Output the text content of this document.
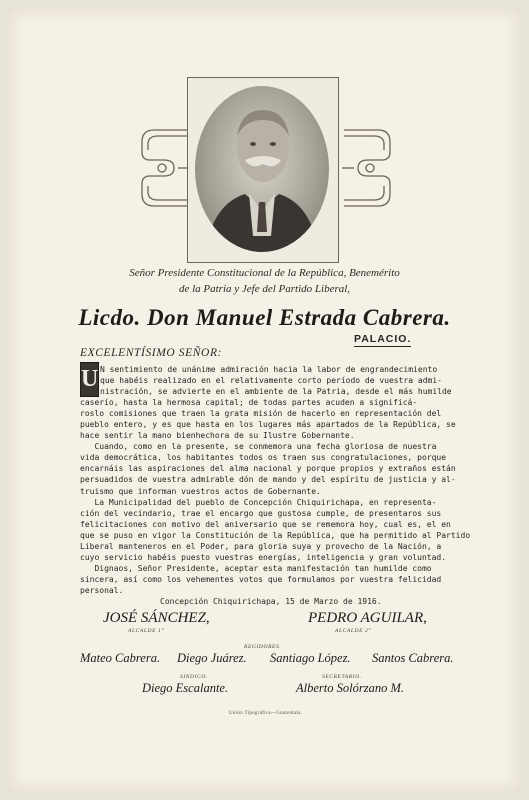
Señor Presidente Constitucional de la República, Benemérito
de la Patria y Jefe del Partido Liberal,
Licdo. Don Manuel Estrada Cabrera.
PALACIO.
EXCELENTÍSIMO SEÑOR:
U N sentimiento de unánime admiración hacia la labor de engrandecimiento
que habéis realizado en el relativamente corto período de vuestra admi-
nistración, se advierte en el ambiente de la Patria, desde el más humilde
caserío, hasta la hermosa capital; de todas partes acuden a significá-
roslo comisiones que traen la grata misión de hacerlo en representación del
pueblo entero, y es que hasta en los lugares más apartados de la República, se
hace sentir la mano bienhechora de su Ilustre Gobernante.
Cuando, como en la presente, se conmemora una fecha gloriosa de nuestra
vida democrática, los habitantes todos os traen sus congratulaciones, porque
encarnáis las aspiraciones del alma nacional y porque propios y extraños están
persuadidos de vuestra admirable dón de mando y del espíritu de justicia y al-
truismo que informan vuestros actos de Gobernante.
La Municipalidad del pueblo de Concepción Chiquirichapa, en representa-
ción del vecindario, trae el encargo que gustosa cumple, de presentaros sus
felicitaciones con motivo del aniversario que se rememora hoy, cual es, el en
que se puso en vigor la Constitución de la República, que ha permitido al Partido
Liberal manteneros en el Poder, para gloria suya y provecho de la Nación, a
cuyo servicio habéis puesto vuestras energías, inteligencia y gran voluntad.
Dignaos, Señor Presidente, aceptar esta manifestación tan humilde como
sincera, así como los vehementes votos que formulamos por vuestra felicidad
personal.
Concepción Chiquirichapa, 15 de Marzo de 1916.
JOSÉ SÁNCHEZ,
ALCALDE 1°
PEDRO AGUILAR,
ALCALDE 2°
REGIDORES.
Mateo Cabrera. Diego Juárez. Santiago López. Santos Cabrera.
SINDICO.
Diego Escalante.
SECRETARIO.
Alberto Solórzano M.
Unión Tipográfica—Guatemala.
